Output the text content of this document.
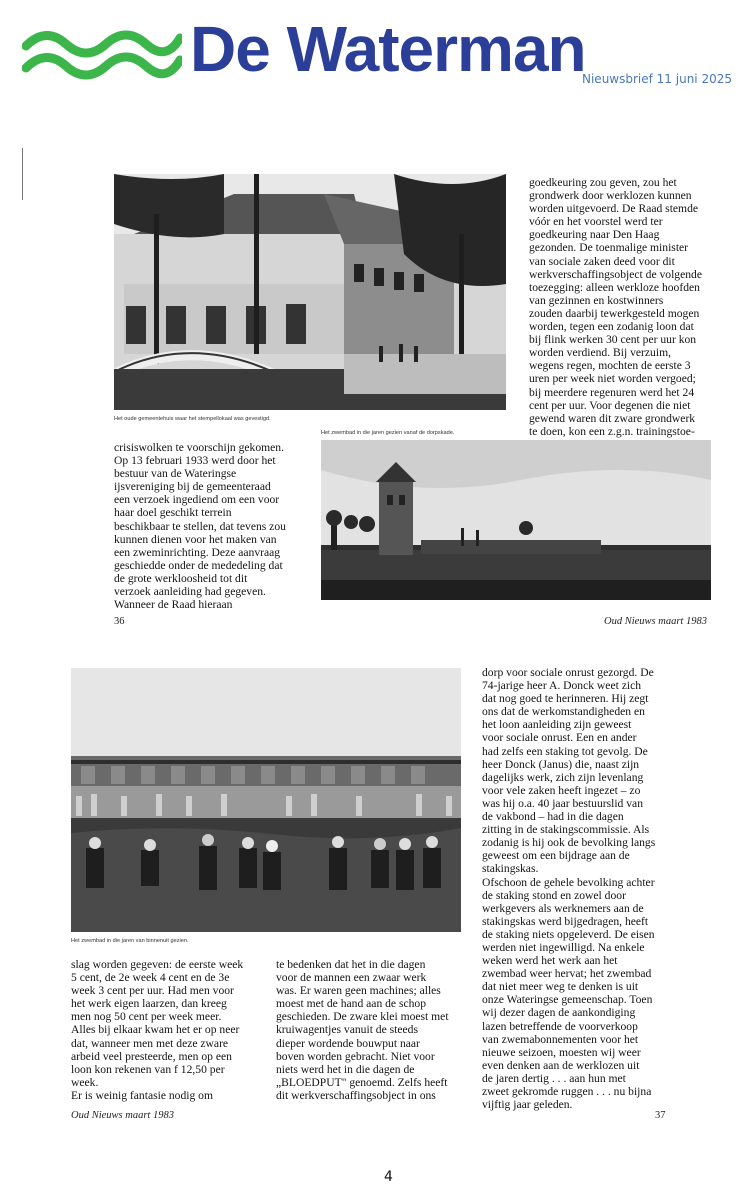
De Waterman
Nieuwsbrief 11 juni 2025
Het oude gemeentehuis waar het stempellokaal was gevestigd.
Het zwembad in die jaren gezien vanaf de dorpskade.

goedkeuring zou geven, zou het

grondwerk door werklozen kunnen

worden uitgevoerd. De Raad stemde

vóór en het voorstel werd ter

goedkeuring naar Den Haag

gezonden. De toenmalige minister

van sociale zaken deed voor dit

werkverschaffingsobject de volgende

toezegging: alleen werkloze hoofden

van gezinnen en kostwinners

zouden daarbij tewerkgesteld mogen

worden, tegen een zodanig loon dat

bij flink werken 30 cent per uur kon

worden verdiend. Bij verzuim,

wegens regen, mochten de eerste 3

uren per week niet worden vergoed;

bij meerdere regenuren werd het 24

cent per uur. Voor degenen die niet

gewend waren dit zware grondwerk

te doen, kon een z.g.n. trainingstoe-

crisiswolken te voorschijn gekomen.

Op 13 februari 1933 werd door het

bestuur van de Wateringse

ijsvereniging bij de gemeenteraad

een verzoek ingediend om een voor

haar doel geschikt terrein

beschikbaar te stellen, dat tevens zou

kunnen dienen voor het maken van

een zweminrichting. Deze aanvraag

geschiedde onder de mededeling dat

de grote werkloosheid tot dit

verzoek aanleiding had gegeven.

Wanneer de Raad hieraan

36	Oud Nieuws maart 1983
Het zwembad in die jaren van binnenuit gezien.

dorp voor sociale onrust gezorgd. De

74-jarige heer A. Donck weet zich

dat nog goed te herinneren. Hij zegt

ons dat de werkomstandigheden en

het loon aanleiding zijn geweest

voor sociale onrust. Een en ander

had zelfs een staking tot gevolg. De

heer Donck (Janus) die, naast zijn

dagelijks werk, zich zijn levenlang

voor vele zaken heeft ingezet – zo

was hij o.a. 40 jaar bestuurslid van

de vakbond – had in die dagen

zitting in de stakingscommissie. Als

zodanig is hij ook de bevolking langs

geweest om een bijdrage aan de

stakingskas.

Ofschoon de gehele bevolking achter

de staking stond en zowel door

werkgevers als werknemers aan de

stakingskas werd bijgedragen, heeft

de staking niets opgeleverd. De eisen

werden niet ingewilligd. Na enkele

weken werd het werk aan het

zwembad weer hervat; het zwembad

dat niet meer weg te denken is uit

onze Wateringse gemeenschap. Toen

wij dezer dagen de aankondiging

lazen betreffende de voorverkoop

van zwemabonnementen voor het

nieuwe seizoen, moesten wij weer

even denken aan de werklozen uit

de jaren dertig . . . aan hun met

zweet gekromde ruggen . . . nu bijna

vijftig jaar geleden.

slag worden gegeven: de eerste week

5 cent, de 2e week 4 cent en de 3e

week 3 cent per uur. Had men voor

het werk eigen laarzen, dan kreeg

men nog 50 cent per week meer.

Alles bij elkaar kwam het er op neer

dat, wanneer men met deze zware

arbeid veel presteerde, men op een

loon kon rekenen van f 12,50 per

week.

Er is weinig fantasie nodig om

te bedenken dat het in die dagen

voor de mannen een zwaar werk

was. Er waren geen machines; alles

moest met de hand aan de schop

geschieden. De zware klei moest met

kruiwagentjes vanuit de steeds

dieper wordende bouwput naar

boven worden gebracht. Niet voor

niets werd het in die dagen de

„BLOEDPUT" genoemd. Zelfs heeft

dit werkverschaffingsobject in ons

Oud Nieuws maart 1983	37
4
